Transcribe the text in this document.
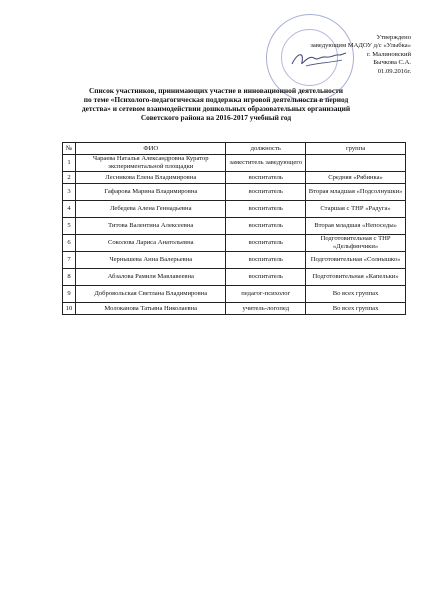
Утверждено
заведующим МАДОУ д/с «Улыбка»
г. Малиновский
Бычкова С.А.
01.09.2016г.
Список участников, принимающих участие в инновационной деятельности
по теме «Психолого-педагогическая поддержка игровой деятельности в период
детства» и сетевом взаимодействии дошкольных образовательных организаций
Советского района на 2016-2017 учебный год
№	ФИО	должность	группа
1	Чараева Наталья Александровна Куратор экспериментальной площадки	заместитель заведующего	
2	Лесникова Елена Владимировна	воспитатель	Средняя «Рябинка»
3	Гафарова Марина Владимировна	воспитатель	Вторая младшая «Подсолнушки»
4	Лебедева Алена Геннадьевна	воспитатель	Старшая с ТНР «Радуга»
5	Титова Валентина Алексеевна	воспитатель	Вторая младшая «Непоседы»
6	Соколова Лариса Анатольевна	воспитатель	Подготовительная с ТНР «Дельфинчики»
7	Чернышева Анна Валерьевна	воспитатель	Подготовительная «Солнышко»
8	Абзалова Рамиля Мавлавеевна	воспитатель	Подготовительная «Капельки»
9	Добровольская Светлана Владимировна	педагог-психолог	Во всех группах
10	Молоканова Татьяна Николаевна	учитель-логопед	Во всех группах
